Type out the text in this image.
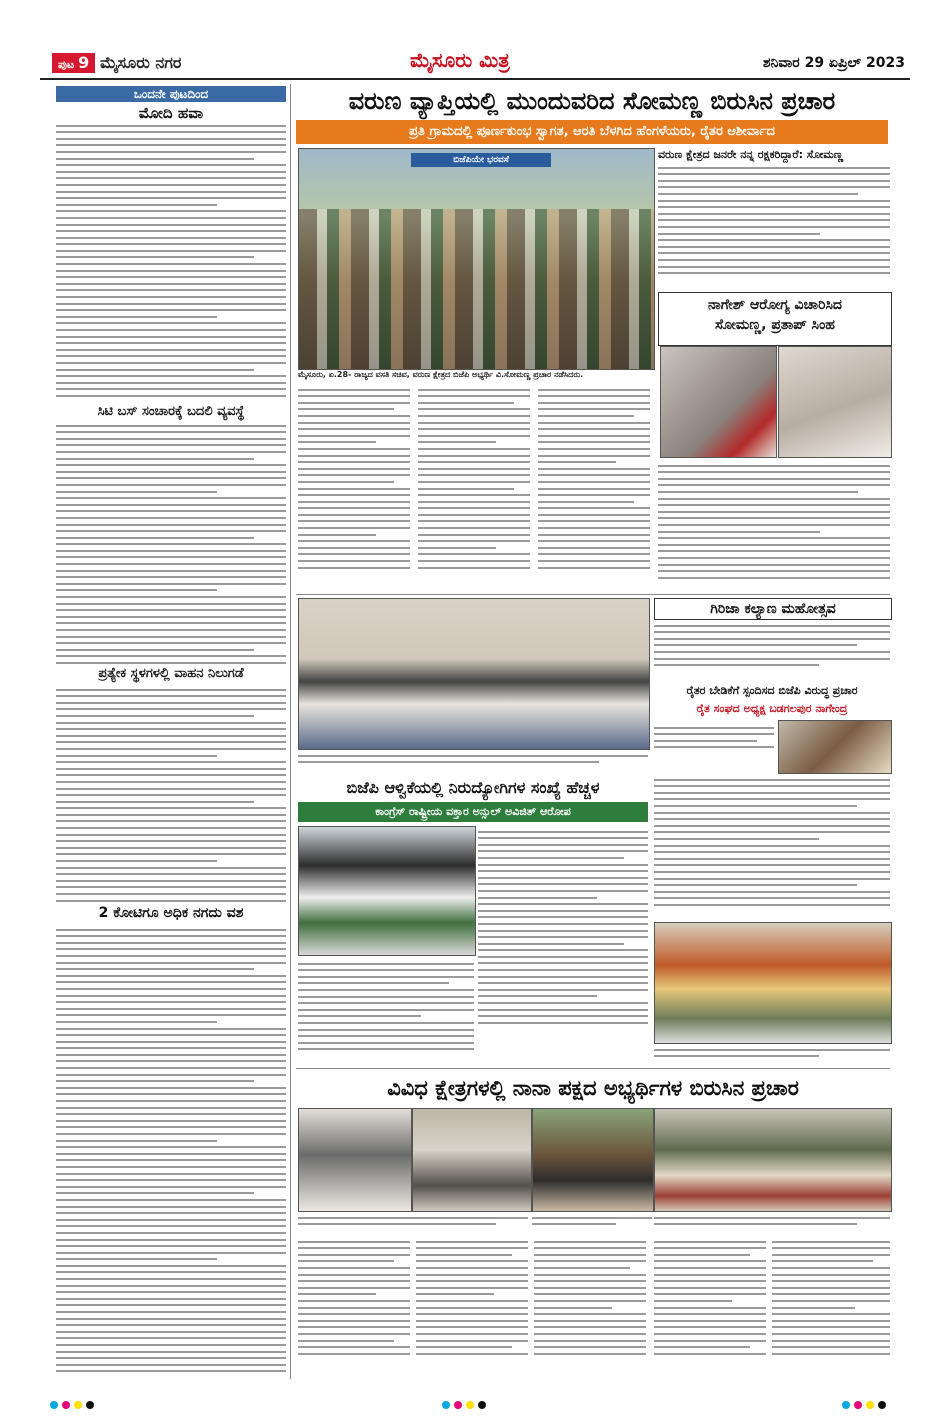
ಪುಟ 9 ಮೈಸೂರು ನಗರ	ಮೈಸೂರು ಮಿತ್ರ	ಶನಿವಾರ 29 ಏಪ್ರಿಲ್ 2023
ಒಂದನೇ ಪುಟದಿಂದ
ಮೋದಿ ಹವಾ
ಸಿಟಿ ಬಸ್ ಸಂಚಾರಕ್ಕೆ ಬದಲಿ ವ್ಯವಸ್ಥೆ
ಪ್ರತ್ಯೇಕ ಸ್ಥಳಗಳಲ್ಲಿ ವಾಹನ ನಿಲುಗಡೆ
2 ಕೋಟಿಗೂ ಅಧಿಕ ನಗದು ವಶ
ವರುಣ ವ್ಯಾಪ್ತಿಯಲ್ಲಿ ಮುಂದುವರಿದ ಸೋಮಣ್ಣ ಬಿರುಸಿನ ಪ್ರಚಾರ
ಪ್ರತಿ ಗ್ರಾಮದಲ್ಲಿ ಪೂರ್ಣಕುಂಭ ಸ್ವಾಗತ, ಆರತಿ ಬೆಳಗಿದ ಹೆಂಗಳೆಯರು, ರೈತರ ಆಶೀರ್ವಾದ
ಬಿಜೆಪಿಯೇ ಭರವಸೆ
ಮೈಸೂರು, ಏ.28- ರಾಜ್ಯದ ವಸತಿ ಸಚಿವ, ವರುಣ ಕ್ಷೇತ್ರದ ಬಿಜೆಪಿ ಅಭ್ಯರ್ಥಿ ವಿ.ಸೋಮಣ್ಣ ಪ್ರಚಾರ ನಡೆಸಿದರು.
ವರುಣ ಕ್ಷೇತ್ರದ ಜನರೇ ನನ್ನ ರಕ್ಷಕರಿದ್ದಾರೆ: ಸೋಮಣ್ಣ
ನಾಗೇಶ್ ಆರೋಗ್ಯ ವಿಚಾರಿಸಿದ
ಸೋಮಣ್ಣ, ಪ್ರತಾಪ್ ಸಿಂಹ
ಗಿರಿಜಾ ಕಲ್ಯಾಣ ಮಹೋತ್ಸವ
ರೈತರ ಬೇಡಿಕೆಗೆ ಸ್ಪಂದಿಸದ ಬಿಜೆಪಿ ವಿರುದ್ಧ ಪ್ರಚಾರ
ರೈತ ಸಂಘದ ಅಧ್ಯಕ್ಷ ಬಡಗಲಪುರ ನಾಗೇಂದ್ರ
ಬಿಜೆಪಿ ಆಳ್ವಿಕೆಯಲ್ಲಿ ನಿರುದ್ಯೋಗಿಗಳ ಸಂಖ್ಯೆ ಹೆಚ್ಚಳ
ಕಾಂಗ್ರೆಸ್ ರಾಷ್ಟ್ರೀಯ ವಕ್ತಾರ ಅನ್ಸುಲ್ ಅವಿಜಿತ್ ಆರೋಪ
ವಿವಿಧ ಕ್ಷೇತ್ರಗಳಲ್ಲಿ ನಾನಾ ಪಕ್ಷದ ಅಭ್ಯರ್ಥಿಗಳ ಬಿರುಸಿನ ಪ್ರಚಾರ
